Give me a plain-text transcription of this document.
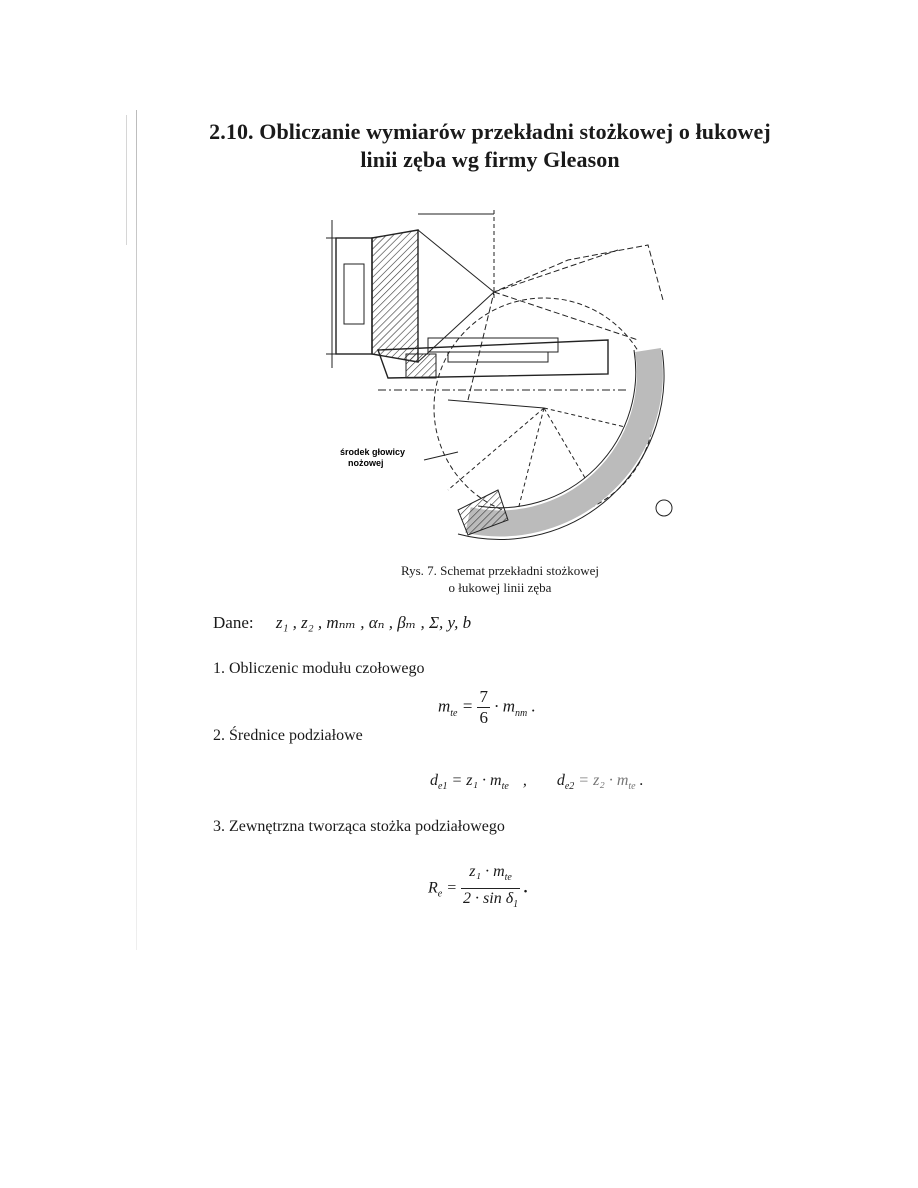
2.10. Obliczanie wymiarów przekładni stożkowej o łukowej
linii zęba wg firmy Gleason
środek głowicy
nożowej
Rys. 7. Schemat przekładni stożkowej
o łukowej linii zęba
Dane: z₁ , z₂ , mₙₘ , αₙ , βₘ , Σ, y, b
1. Obliczenic modułu czołowego
$m_{te} = \frac{7}{6} \cdot m_{nm}$ .
2. Średnice podziałowe
$d_{e1} = z_1 \cdot m_{te}$ , $d_{e2} = z_2 \cdot m_{te}$ .
3. Zewnętrzna tworząca stożka podziałowego
$R_e = \frac{z_1 \cdot m_{te}}{2 \cdot \sin \delta_1}$ .
